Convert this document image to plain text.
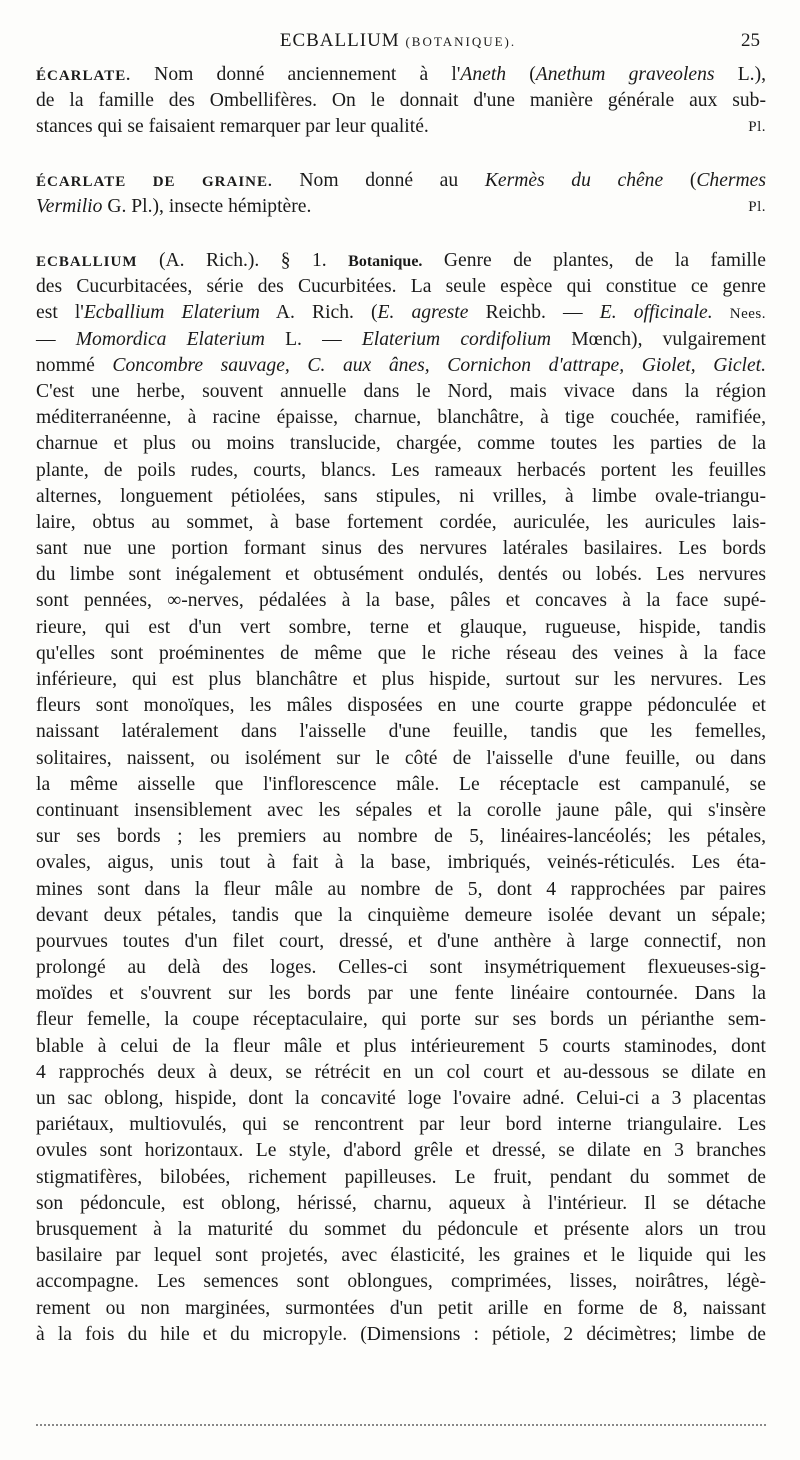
ECBALLIUM (BOTANIQUE).	25
ÉCARLATE. Nom donné anciennement à l'Aneth (Anethum graveolens L.),
de la famille des Ombellifères. On le donnait d'une manière générale aux sub-
stances qui se faisaient remarquer par leur qualité.	Pl.
ÉCARLATE DE GRAINE. Nom donné au Kermès du chêne (Chermes
Vermilio G. Pl.), insecte hémiptère.	Pl.
ECBALLIUM (A. Rich.). § 1. Botanique. Genre de plantes, de la famille
des Cucurbitacées, série des Cucurbitées. La seule espèce qui constitue ce genre
est l'Ecballium Elaterium A. Rich. (E. agreste Reichb. — E. officinale. Nees.
— Momordica Elaterium L. — Elaterium cordifolium Mœnch), vulgairement
nommé Concombre sauvage, C. aux ânes, Cornichon d'attrape, Giolet, Giclet.
C'est une herbe, souvent annuelle dans le Nord, mais vivace dans la région
méditerranéenne, à racine épaisse, charnue, blanchâtre, à tige couchée, ramifiée,
charnue et plus ou moins translucide, chargée, comme toutes les parties de la
plante, de poils rudes, courts, blancs. Les rameaux herbacés portent les feuilles
alternes, longuement pétiolées, sans stipules, ni vrilles, à limbe ovale-triangu-
laire, obtus au sommet, à base fortement cordée, auriculée, les auricules lais-
sant nue une portion formant sinus des nervures latérales basilaires. Les bords
du limbe sont inégalement et obtusément ondulés, dentés ou lobés. Les nervures
sont pennées, ∞-nerves, pédalées à la base, pâles et concaves à la face supé-
rieure, qui est d'un vert sombre, terne et glauque, rugueuse, hispide, tandis
qu'elles sont proéminentes de même que le riche réseau des veines à la face
inférieure, qui est plus blanchâtre et plus hispide, surtout sur les nervures. Les
fleurs sont monoïques, les mâles disposées en une courte grappe pédonculée et
naissant latéralement dans l'aisselle d'une feuille, tandis que les femelles,
solitaires, naissent, ou isolément sur le côté de l'aisselle d'une feuille, ou dans
la même aisselle que l'inflorescence mâle. Le réceptacle est campanulé, se
continuant insensiblement avec les sépales et la corolle jaune pâle, qui s'insère
sur ses bords ; les premiers au nombre de 5, linéaires-lancéolés; les pétales,
ovales, aigus, unis tout à fait à la base, imbriqués, veinés-réticulés. Les éta-
mines sont dans la fleur mâle au nombre de 5, dont 4 rapprochées par paires
devant deux pétales, tandis que la cinquième demeure isolée devant un sépale;
pourvues toutes d'un filet court, dressé, et d'une anthère à large connectif, non
prolongé au delà des loges. Celles-ci sont insymétriquement flexueuses-sig-
moïdes et s'ouvrent sur les bords par une fente linéaire contournée. Dans la
fleur femelle, la coupe réceptaculaire, qui porte sur ses bords un périanthe sem-
blable à celui de la fleur mâle et plus intérieurement 5 courts staminodes, dont
4 rapprochés deux à deux, se rétrécit en un col court et au-dessous se dilate en
un sac oblong, hispide, dont la concavité loge l'ovaire adné. Celui-ci a 3 placentas
pariétaux, multiovulés, qui se rencontrent par leur bord interne triangulaire. Les
ovules sont horizontaux. Le style, d'abord grêle et dressé, se dilate en 3 branches
stigmatifères, bilobées, richement papilleuses. Le fruit, pendant du sommet de
son pédoncule, est oblong, hérissé, charnu, aqueux à l'intérieur. Il se détache
brusquement à la maturité du sommet du pédoncule et présente alors un trou
basilaire par lequel sont projetés, avec élasticité, les graines et le liquide qui les
accompagne. Les semences sont oblongues, comprimées, lisses, noirâtres, légè-
rement ou non marginées, surmontées d'un petit arille en forme de 8, naissant
à la fois du hile et du micropyle. (Dimensions : pétiole, 2 décimètres; limbe de
